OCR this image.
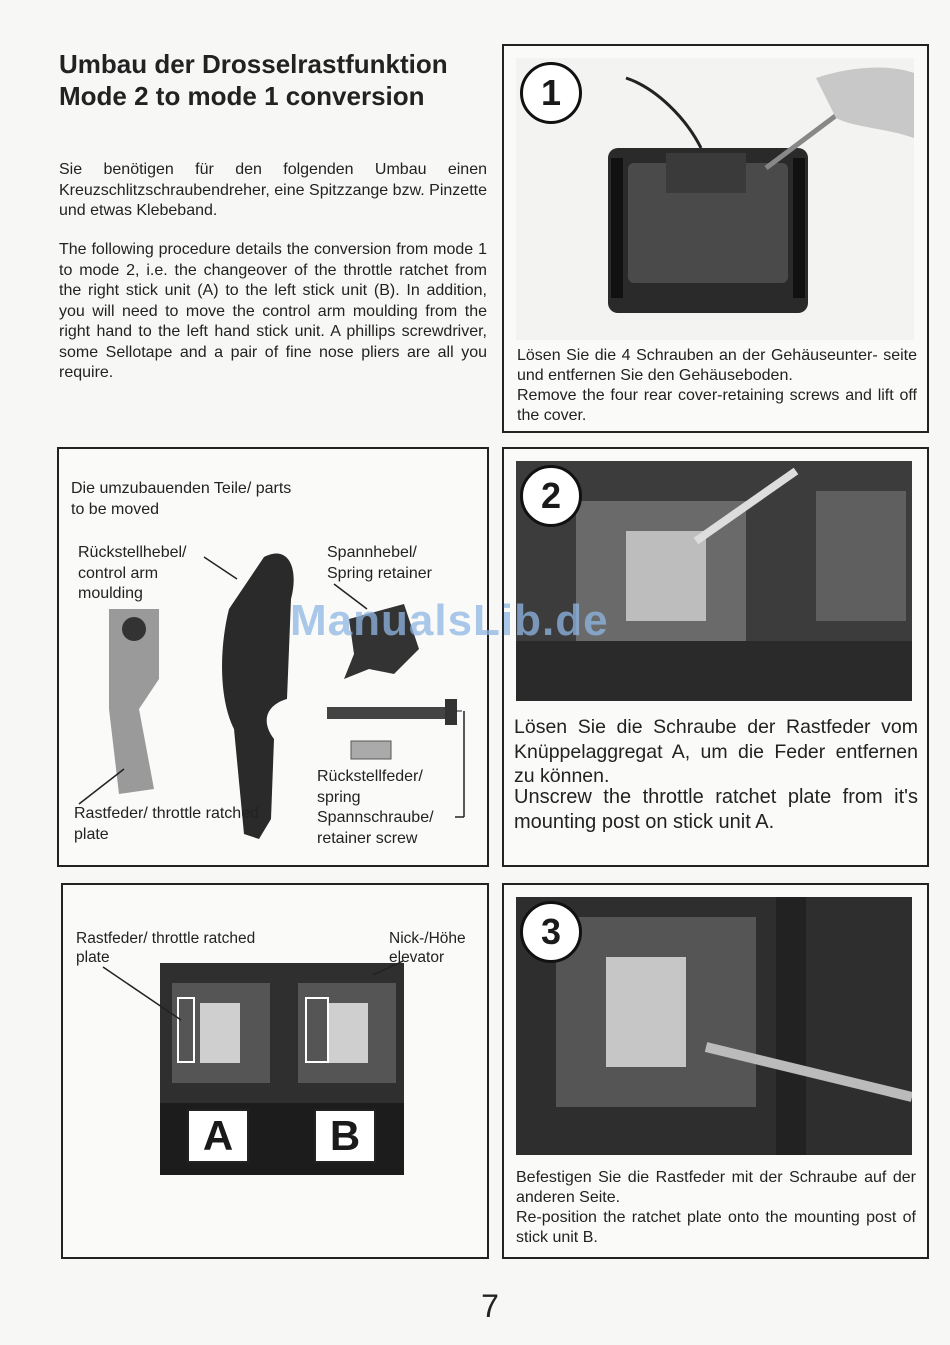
Umbau der Drosselrastfunktion
Mode 2 to mode 1 conversion
Sie benötigen für den folgenden Umbau einen Kreuzschlitzschraubendreher, eine Spitzzange bzw. Pinzette und etwas Klebeband.
The following procedure details the conversion from mode 1 to mode 2, i.e. the changeover of the throttle ratchet from the right stick unit (A) to the left stick unit (B). In addition, you will need to move the control arm moulding from the right hand to the left hand stick unit. A phillips screwdriver, some Sellotape and a pair of fine nose pliers are all you require.
1
Lösen Sie die 4 Schrauben an der Gehäuseunter- seite und entfernen Sie den Gehäuseboden.
Remove the four rear cover-retaining screws and lift off the cover.
Die umzubauenden Teile/ parts to be moved
Rückstellhebel/ control arm moulding
Spannhebel/ Spring retainer
Rückstellfeder/ spring
Spannschraube/ retainer screw
Rastfeder/ throttle ratched plate
2
Lösen Sie die Schraube der Rastfeder vom Knüppelaggregat A, um die Feder entfernen zu können.
Unscrew the throttle ratchet plate from it's mounting post on stick unit A.
A	B
Rastfeder/ throttle ratched plate
Nick-/Höhe elevator
3
Befestigen Sie die Rastfeder mit der Schraube auf der anderen Seite.
Re-position the ratchet plate onto the mounting post of stick unit B.
ManualsLib.de
7
